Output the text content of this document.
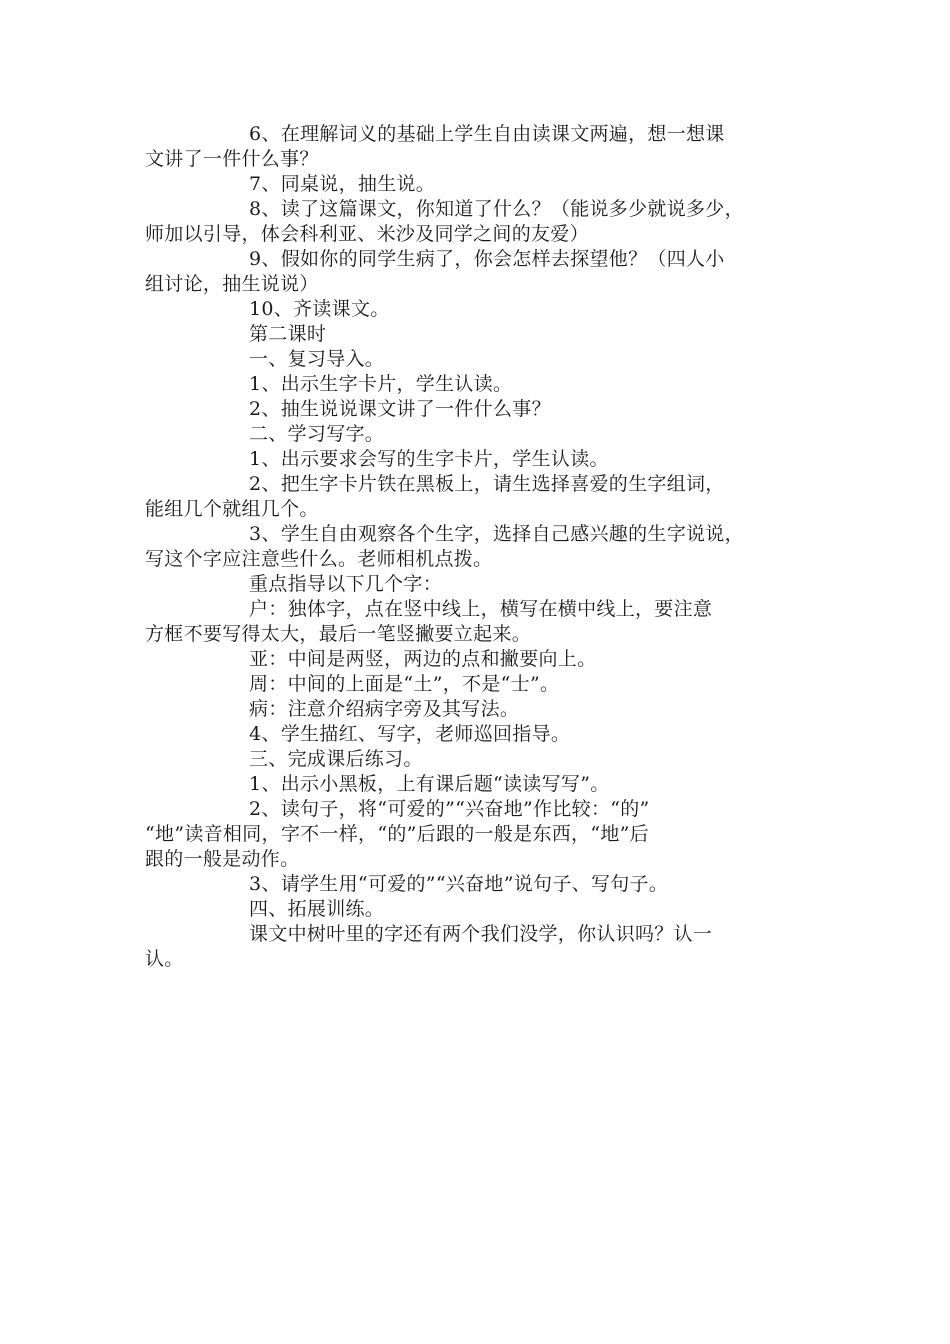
6、在理解词义的基础上学生自由读课文两遍，想一想课
文讲了一件什么事？
7、同桌说，抽生说。
8、读了这篇课文，你知道了什么？（能说多少就说多少，
师加以引导，体会科利亚、米沙及同学之间的友爱）
9、假如你的同学生病了，你会怎样去探望他？（四人小
组讨论，抽生说说）
10、齐读课文。
第二课时
一、复习导入。
1、出示生字卡片，学生认读。
2、抽生说说课文讲了一件什么事？
二、学习写字。
1、出示要求会写的生字卡片，学生认读。
2、把生字卡片铁在黑板上，请生选择喜爱的生字组词，
能组几个就组几个。
3、学生自由观察各个生字，选择自己感兴趣的生字说说，
写这个字应注意些什么。老师相机点拨。
重点指导以下几个字：
户：独体字，点在竖中线上，横写在横中线上，要注意
方框不要写得太大，最后一笔竖撇要立起来。
亚：中间是两竖，两边的点和撇要向上。
周：中间的上面是“土”，不是“士”。
病：注意介绍病字旁及其写法。
4、学生描红、写字，老师巡回指导。
三、完成课后练习。
1、出示小黑板，上有课后题“读读写写”。
2、读句子，将“可爱的”“兴奋地”作比较：“的”
“地”读音相同，字不一样，“的”后跟的一般是东西，“地”后
跟的一般是动作。
3、请学生用“可爱的”“兴奋地”说句子、写句子。
四、拓展训练。
课文中树叶里的字还有两个我们没学，你认识吗？认一
认。
